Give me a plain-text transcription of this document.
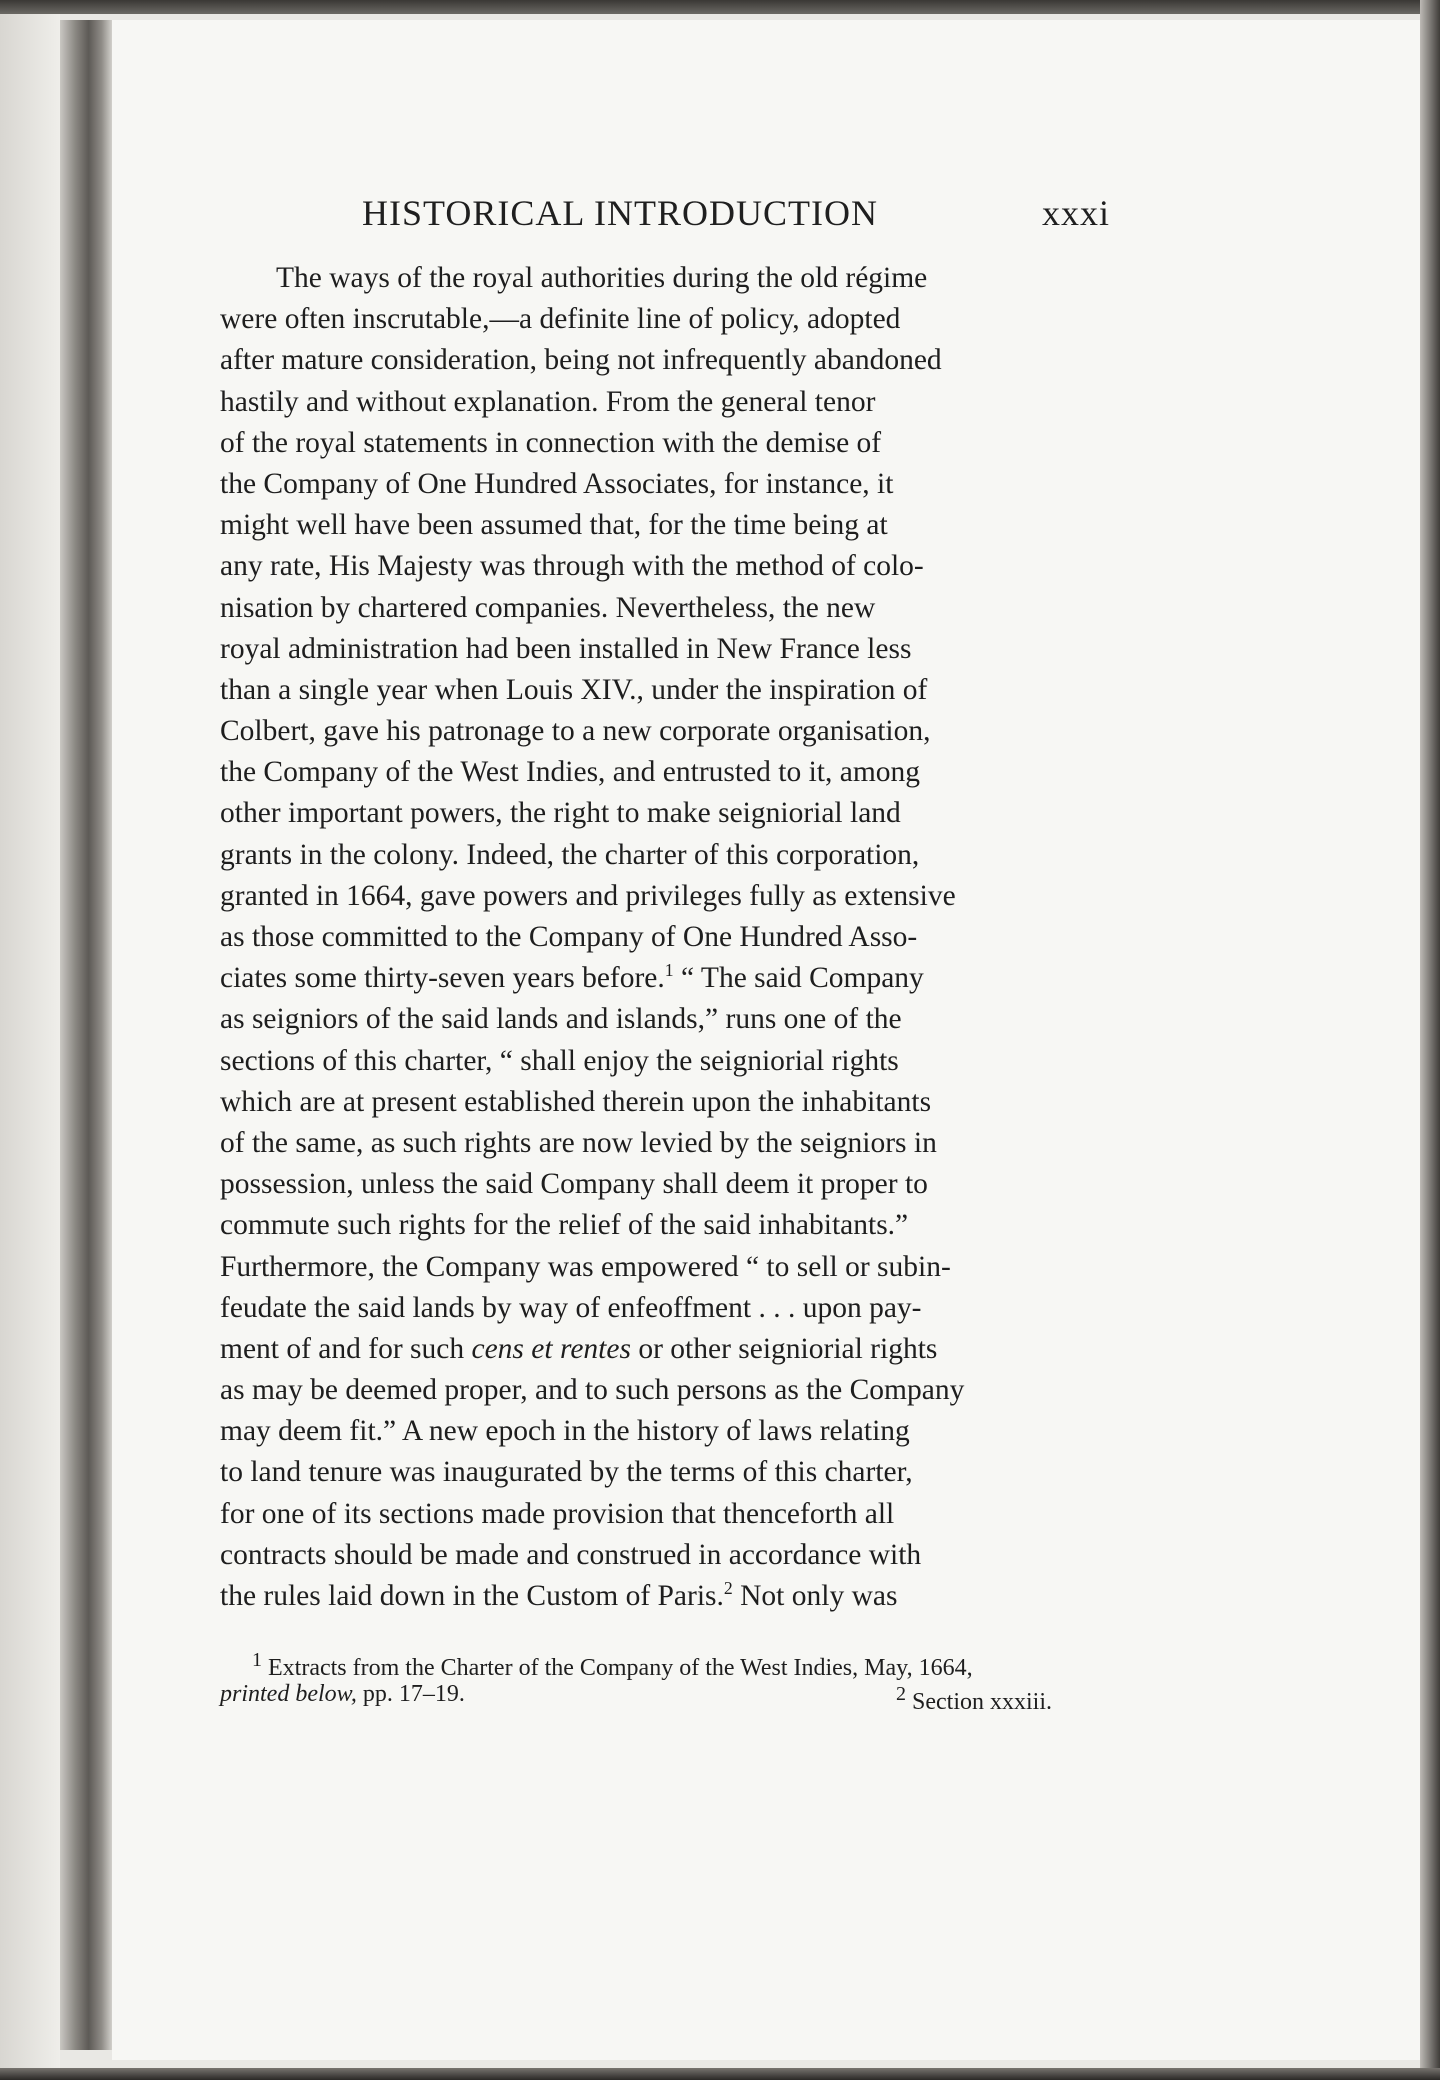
HISTORICAL INTRODUCTION	xxxi
The ways of the royal authorities during the old régime
were often inscrutable,—a definite line of policy, adopted
after mature consideration, being not infrequently abandoned
hastily and without explanation. From the general tenor
of the royal statements in connection with the demise of
the Company of One Hundred Associates, for instance, it
might well have been assumed that, for the time being at
any rate, His Majesty was through with the method of colo-
nisation by chartered companies. Nevertheless, the new
royal administration had been installed in New France less
than a single year when Louis XIV., under the inspiration of
Colbert, gave his patronage to a new corporate organisation,
the Company of the West Indies, and entrusted to it, among
other important powers, the right to make seigniorial land
grants in the colony. Indeed, the charter of this corporation,
granted in 1664, gave powers and privileges fully as extensive
as those committed to the Company of One Hundred Asso-
ciates some thirty-seven years before.$^1$ “ The said Company
as seigniors of the said lands and islands,” runs one of the
sections of this charter, “ shall enjoy the seigniorial rights
which are at present established therein upon the inhabitants
of the same, as such rights are now levied by the seigniors in
possession, unless the said Company shall deem it proper to
commute such rights for the relief of the said inhabitants.”
Furthermore, the Company was empowered “ to sell or subin-
feudate the said lands by way of enfeoffment . . . upon pay-
ment of and for such cens et rentes or other seigniorial rights
as may be deemed proper, and to such persons as the Company
may deem fit.” A new epoch in the history of laws relating
to land tenure was inaugurated by the terms of this charter,
for one of its sections made provision that thenceforth all
contracts should be made and construed in accordance with
the rules laid down in the Custom of Paris.$^2$ Not only was
$^1$ Extracts from the Charter of the Company of the West Indies, May, 1664,
printed below, pp. 17–19.	$^2$ Section xxxiii.
